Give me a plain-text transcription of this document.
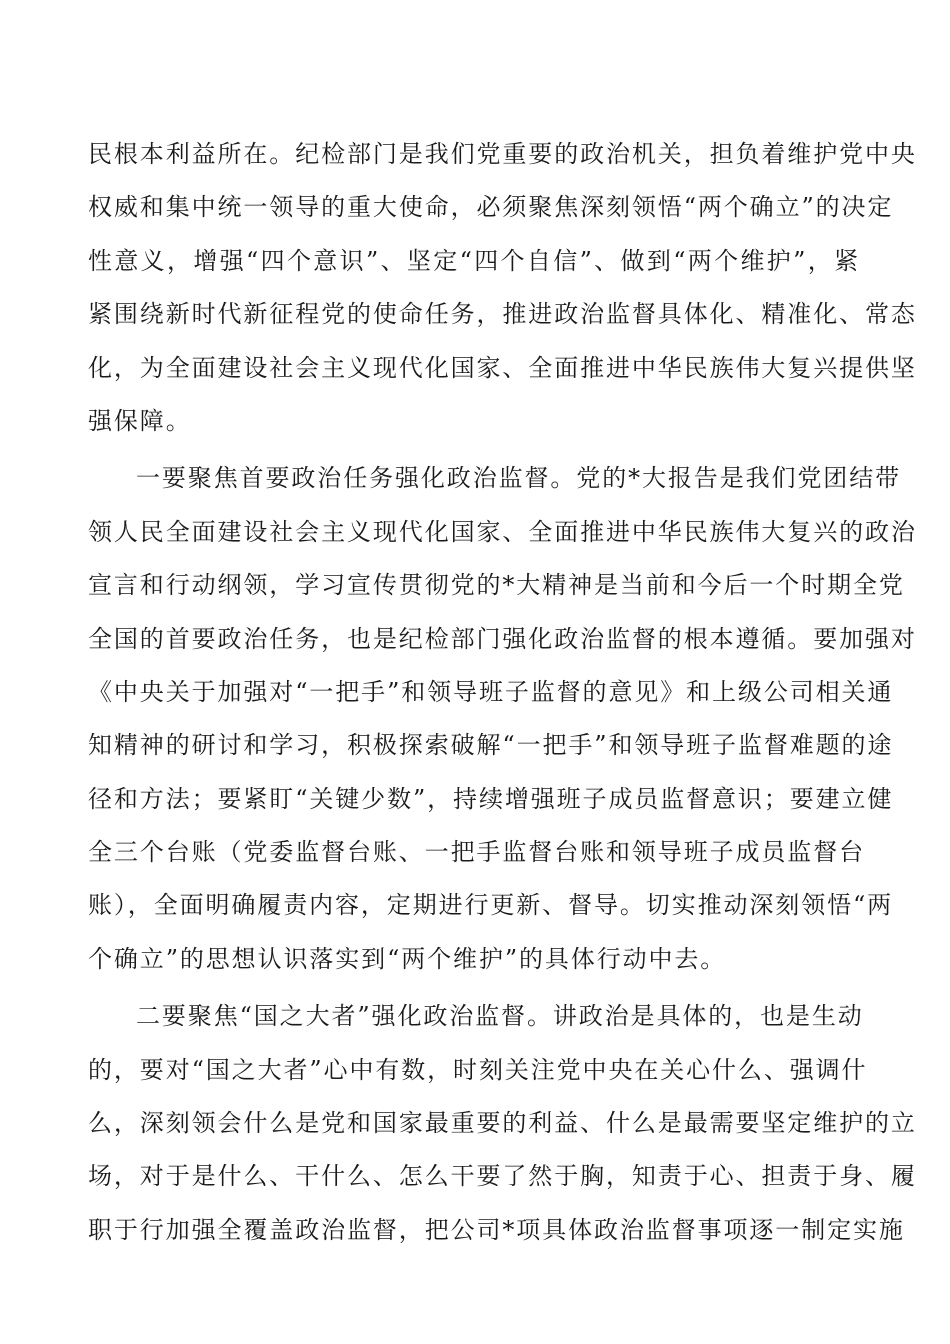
民根本利益所在。纪检部门是我们党重要的政治机关，担负着维护党中央
权威和集中统一领导的重大使命，必须聚焦深刻领悟“两个确立”的决定
性意义，增强“四个意识”、坚定“四个自信”、做到“两个维护”，紧
紧围绕新时代新征程党的使命任务，推进政治监督具体化、精准化、常态
化，为全面建设社会主义现代化国家、全面推进中华民族伟大复兴提供坚
强保障。
一要聚焦首要政治任务强化政治监督。党的*大报告是我们党团结带
领人民全面建设社会主义现代化国家、全面推进中华民族伟大复兴的政治
宣言和行动纲领，学习宣传贯彻党的*大精神是当前和今后一个时期全党
全国的首要政治任务，也是纪检部门强化政治监督的根本遵循。要加强对
《中央关于加强对“一把手”和领导班子监督的意见》和上级公司相关通
知精神的研讨和学习，积极探索破解“一把手”和领导班子监督难题的途
径和方法；要紧盯“关键少数”，持续增强班子成员监督意识；要建立健
全三个台账（党委监督台账、一把手监督台账和领导班子成员监督台
账），全面明确履责内容，定期进行更新、督导。切实推动深刻领悟“两
个确立”的思想认识落实到“两个维护”的具体行动中去。
二要聚焦“国之大者”强化政治监督。讲政治是具体的，也是生动
的，要对“国之大者”心中有数，时刻关注党中央在关心什么、强调什
么，深刻领会什么是党和国家最重要的利益、什么是最需要坚定维护的立
场，对于是什么、干什么、怎么干要了然于胸，知责于心、担责于身、履
职于行加强全覆盖政治监督，把公司*项具体政治监督事项逐一制定实施
